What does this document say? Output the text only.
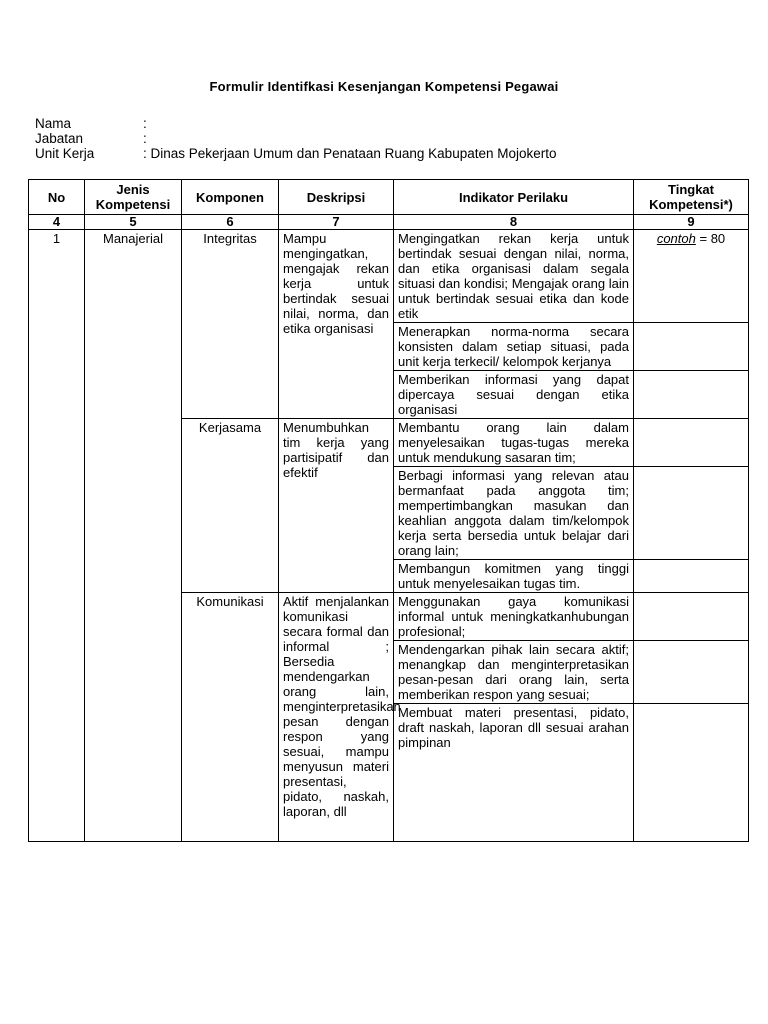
Formulir Identifkasi Kesenjangan Kompetensi Pegawai
Nama	:
Jabatan	:
Unit Kerja	: Dinas Pekerjaan Umum dan Penataan Ruang Kabupaten Mojokerto
No	Jenis Kompetensi	Komponen	Deskripsi	Indikator Perilaku	Tingkat Kompetensi*)
4	5	6	7	8	9
1	Manajerial	Integritas	Mampu mengingatkan, mengajak rekan kerja untuk bertindak sesuai nilai, norma, dan etika organisasi	Mengingatkan rekan kerja untuk bertindak sesuai dengan nilai, norma, dan etika organisasi dalam segala situasi dan kondisi; Mengajak orang lain untuk bertindak sesuai etika dan kode etik	contoh = 80
				Menerapkan norma-norma secara konsisten dalam setiap situasi, pada unit kerja terkecil/ kelompok kerjanya	
				Memberikan informasi yang dapat dipercaya sesuai dengan etika organisasi	
		Kerjasama	Menumbuhkan tim kerja yang partisipatif dan efektif	Membantu orang lain dalam menyelesaikan tugas-tugas mereka untuk mendukung sasaran tim;	
				Berbagi informasi yang relevan atau bermanfaat pada anggota tim; mempertimbangkan masukan dan keahlian anggota dalam tim/kelompok kerja serta bersedia untuk belajar dari orang lain;	
				Membangun komitmen yang tinggi untuk menyelesaikan tugas tim.	
		Komunikasi	Aktif menjalankan komunikasi secara formal dan informal ; Bersedia mendengarkan orang lain, menginterpretasikan pesan dengan respon yang sesuai, mampu menyusun materi presentasi, pidato, naskah, laporan, dll	Menggunakan gaya komunikasi informal untuk meningkatkanhubungan profesional;	
				Mendengarkan pihak lain secara aktif; menangkap dan menginterpretasikan pesan-pesan dari orang lain, serta memberikan respon yang sesuai;	
				Membuat materi presentasi, pidato, draft naskah, laporan dll sesuai arahan pimpinan	
